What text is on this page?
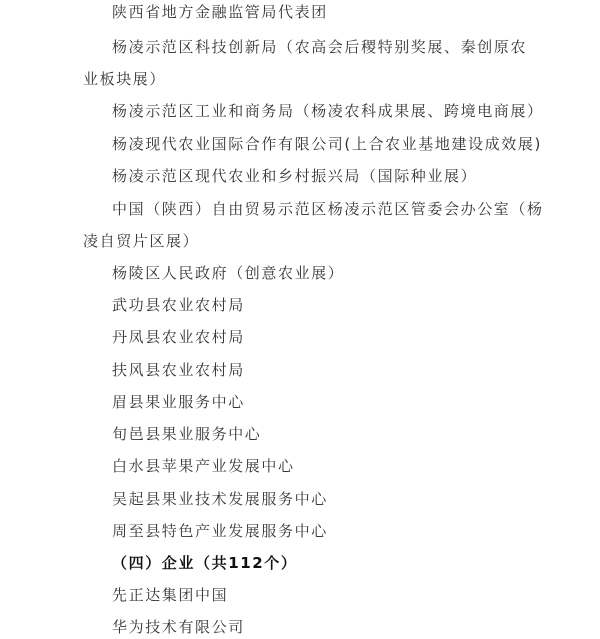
陕西省地方金融监管局代表团
杨凌示范区科技创新局（农高会后稷特别奖展、秦创原农
业板块展）
杨凌示范区工业和商务局（杨凌农科成果展、跨境电商展）
杨凌现代农业国际合作有限公司(上合农业基地建设成效展)
杨凌示范区现代农业和乡村振兴局（国际种业展）
中国（陕西）自由贸易示范区杨凌示范区管委会办公室（杨
凌自贸片区展）
杨陵区人民政府（创意农业展）
武功县农业农村局
丹凤县农业农村局
扶风县农业农村局
眉县果业服务中心
旬邑县果业服务中心
白水县苹果产业发展中心
吴起县果业技术发展服务中心
周至县特色产业发展服务中心
（四）企业（共112个）
先正达集团中国
华为技术有限公司
